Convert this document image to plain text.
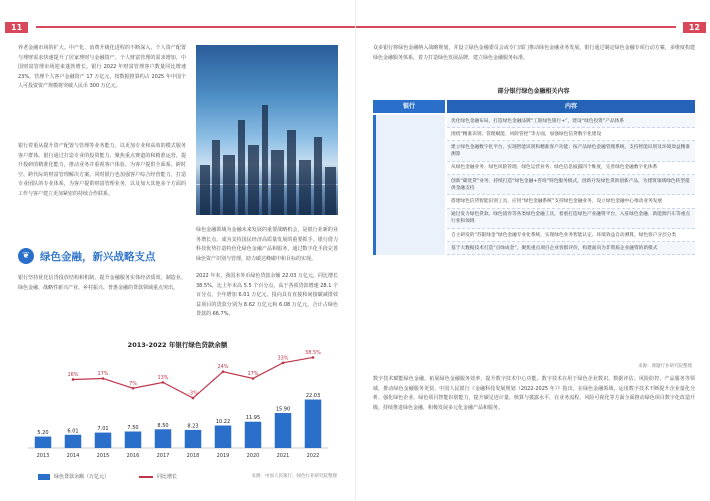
11
养老金融市场的扩大。中产化、消费升级化进程的不断深入，个人资产配置与理财需求快速提升了居家理财与金融资产。个人财富管理的需求增加，中国财富管理市场迎来蓬勃增长。银行 2022 年财富管理客户数量同比增速 23%。管理个人客户金融资产 17 万亿元，按数据推算约占 2025 年中国个人可投资资产规模将突破人民币 300 万亿元。
银行着重从提升资产配置与管理等业务能力，以更加专业和高效的模式服务客户群体。银行通过打造专业的投资能力、聚焦重点赛道的和精准运营，提升投研的精准化能力，推动业务并重视客户体验。为客户提供全面系、跨时空、跨代际的财富管理解决方案。同时银行也加强客户综合经营能力，打造专业团队的专业体系，为客户提供财富管理业务，以及加大其他多个方面的工作与客户建立更加紧密的持续合作联系。
❦ 绿色金融，新兴战略支点
银行坚持优化信贷投放结构和机制，提升金融服务实体经济质效。制造业、绿色金融、战略性新兴产业、乡村振兴、普惠金融的贷款领域重点突出。
绿色金融领域为金融未来发展的重要战略机会，是银行业新的业务增长点，成为支持国民经济高质量发展的重要抓手。银行借力科技优势打造特色化绿色金融产品和服务，通过数字化手段完善绿色资产识别与管理，助力碳达峰碳中和目标的实现。
2022 年末，我国本外币绿色贷款余额 22.03 万亿元，同比增长 38.5%，比上年末高 5.5 个百分点，高于各项贷款增速 28.1 个百分点，全年增加 6.01 万亿元。投向具有直接和间接碳减排效益项目的贷款分别为 8.62 万亿元和 6.08 万亿元，合计占绿色贷款的 66.7%。
2013-2022 年银行绿色贷款余额
5.20
2013
6.01
2014
7.01
2015
7.50
2016
8.50
2017
8.23
2018
10.22
2019
11.95
2020
15.90
2021
22.03
2022
16%	17%
7%
13%
-3%
24%
17%
33%
38.5%
绿色贷款余额（万亿元）	同比增长	来源：中国人民银行、绿色行业研究院整理
12
众多银行将绿色金融纳入战略规划，并设立绿色金融委员会或专门部门推动绿色金融业务发展。银行通过制定绿色金融专项行动方案，多维度构建绿色金融服务体系，着力打造绿色发展品牌，建立绿色金融服务标准。
部分银行绿色金融相关内容
银行	内容
优化绿色金融布局，打造绿色金融品牌“工银绿色银行+”，建设“绿色投资”产品体系
围绕“精准识别、管理赋能、风险管控”等方面，加强绿色信贷数字化建设
建立绿色金融数字化平台，实现智能识别和精准客户功能；按产品绿色金融管理系统，支持智能识别及环境效益精准测算
从绿色金融业务、绿色风险管理、绿色运营业务、绿色信息披露四个维度，完善绿色金融数字化体系
创新“碳优贷”业务，持续打造“绿色金融+咨询”特色服务模式，创新开发绿色贷款创新产品，为建筑领域绿色转型提供金融支持
搭建绿色信贷智能识别工具，应用“绿色金融系统”支持绿色金融业务，设立绿色金融中心推动业务发展
通过发力绿色贷款、绿色债券等各类绿色金融工具，着重打造绿色产业融资平台，入驻绿色金融、新能源汽车等重点行业和领域
自主研发的“苏银绿金”绿色金融专业化系统，实现绿色业务智能认定、环境效益自动测算，绿色客户分层分类
基于大数据技术打造“点绿成金”，聚焦重点项目企业客群评价，构建面向为非资质企业融资的新模式
来源：课题行业研究院整理
数字技术赋能绿色金融，拓展绿色金融服务效率，提升数字技术中心功能。数字技术在用于绿色企业数识、数据评估、风险防控、产品服务等领域，推动绿色金融服务更快、中国人民银行《金融科技发展规划（2022-2025 年）》指出，在绿色金融领域，运用数字技术不断提升企业量化分析、强化绿色企业、绿色项目智能识别能力，提升碳足迹计量、核算与披露水平，在业务流程、风险可视化等方面全面推动绿色项目数字化改造升级，持续推进绿色金融，积极发展多元化金融产品和服务。
